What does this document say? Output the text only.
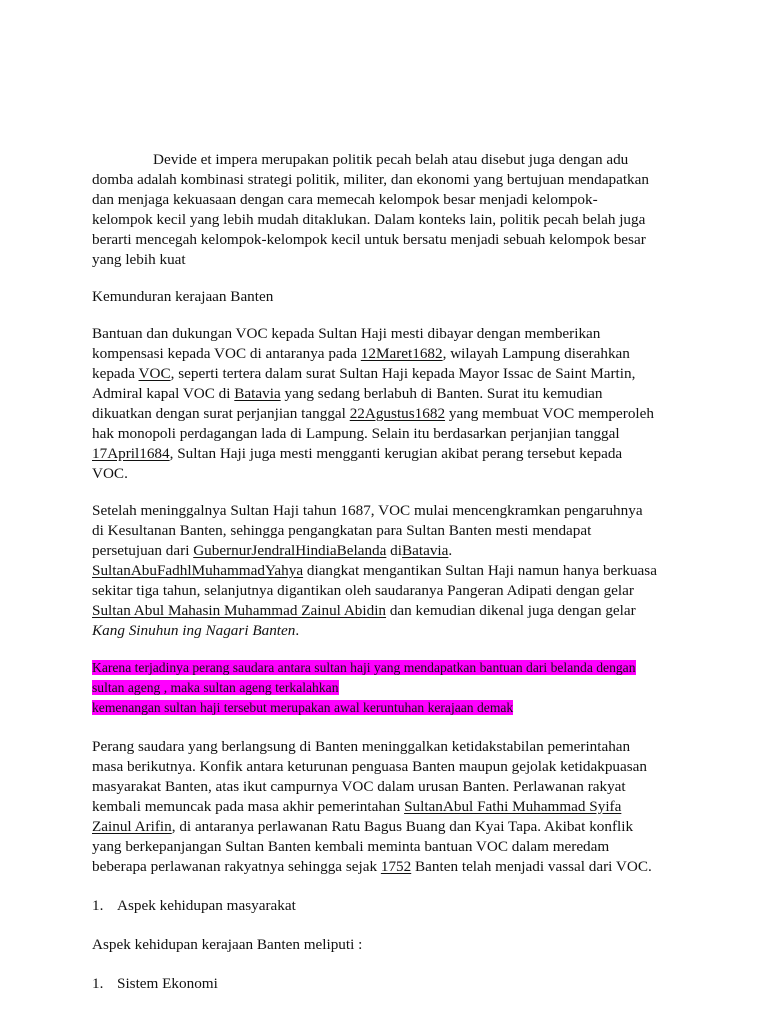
Devide et impera merupakan politik pecah belah atau disebut juga dengan adu domba adalah kombinasi strategi politik, militer, dan ekonomi yang bertujuan mendapatkan dan menjaga kekuasaan dengan cara memecah kelompok besar menjadi kelompok-kelompok kecil yang lebih mudah ditaklukan. Dalam konteks lain, politik pecah belah juga berarti mencegah kelompok-kelompok kecil untuk bersatu menjadi sebuah kelompok besar yang lebih kuat

Kemunduran kerajaan Banten

Bantuan dan dukungan VOC kepada Sultan Haji mesti dibayar dengan memberikan kompensasi kepada VOC di antaranya pada 12Maret1682, wilayah Lampung diserahkan kepada VOC, seperti tertera dalam surat Sultan Haji kepada Mayor Issac de Saint Martin, Admiral kapal VOC di Batavia yang sedang berlabuh di Banten. Surat itu kemudian dikuatkan dengan surat perjanjian tanggal 22Agustus1682 yang membuat VOC memperoleh hak monopoli perdagangan lada di Lampung. Selain itu berdasarkan perjanjian tanggal 17April1684, Sultan Haji juga mesti mengganti kerugian akibat perang tersebut kepada VOC.

Setelah meninggalnya Sultan Haji tahun 1687, VOC mulai mencengkramkan pengaruhnya di Kesultanan Banten, sehingga pengangkatan para Sultan Banten mesti mendapat persetujuan dari GubernurJendralHindiaBelanda diBatavia. SultanAbuFadhlMuhammadYahya diangkat mengantikan Sultan Haji namun hanya berkuasa sekitar tiga tahun, selanjutnya digantikan oleh saudaranya Pangeran Adipati dengan gelar Sultan Abul Mahasin Muhammad Zainul Abidin dan kemudian dikenal juga dengan gelar Kang Sinuhun ing Nagari Banten.

Karena terjadinya perang saudara antara sultan haji yang mendapatkan bantuan dari belanda dengan sultan ageng , maka sultan ageng terkalahkan
kemenangan sultan haji tersebut merupakan awal keruntuhan kerajaan demak

Perang saudara yang berlangsung di Banten meninggalkan ketidakstabilan pemerintahan masa berikutnya. Konfik antara keturunan penguasa Banten maupun gejolak ketidakpuasan masyarakat Banten, atas ikut campurnya VOC dalam urusan Banten. Perlawanan rakyat kembali memuncak pada masa akhir pemerintahan SultanAbul Fathi Muhammad Syifa Zainul Arifin, di antaranya perlawanan Ratu Bagus Buang dan Kyai Tapa. Akibat konflik yang berkepanjangan Sultan Banten kembali meminta bantuan VOC dalam meredam beberapa perlawanan rakyatnya sehingga sejak 1752 Banten telah menjadi vassal dari VOC.

1. Aspek kehidupan masyarakat

Aspek kehidupan kerajaan Banten meliputi :

1. Sistem Ekonomi
